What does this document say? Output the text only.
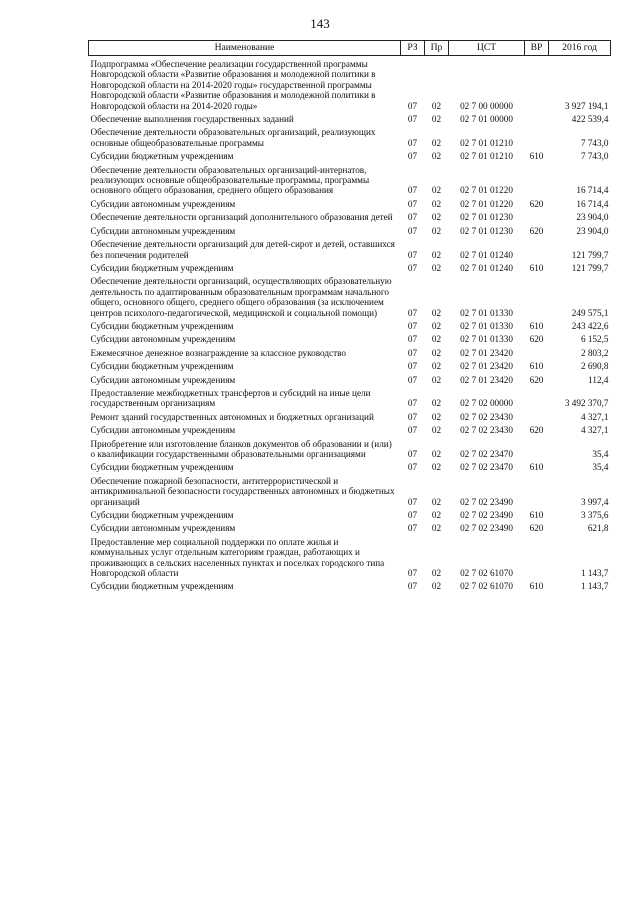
143
Наименование	РЗ	Пр	ЦСТ	ВР	2016 год
Подпрограмма «Обеспечение реализации государственной программы Новгородской области «Развитие образования и молодежной политики в Новгородской области на 2014-2020 годы» государственной программы Новгородской области «Развитие образования и молодежной политики в Новгородской области на 2014-2020 годы»	07	02	02 7 00 00000		3 927 194,1
Обеспечение выполнения государственных заданий	07	02	02 7 01 00000		422 539,4
Обеспечение деятельности образовательных организаций, реализующих основные общеобразовательные программы	07	02	02 7 01 01210		7 743,0
Субсидии бюджетным учреждениям	07	02	02 7 01 01210	610	7 743,0
Обеспечение деятельности образовательных организаций-интернатов, реализующих основные общеобразовательные программы, программы основного общего образования, среднего общего образования	07	02	02 7 01 01220		16 714,4
Субсидии автономным учреждениям	07	02	02 7 01 01220	620	16 714,4
Обеспечение деятельности организаций дополнительного образования детей	07	02	02 7 01 01230		23 904,0
Субсидии автономным учреждениям	07	02	02 7 01 01230	620	23 904,0
Обеспечение деятельности организаций для детей-сирот и детей, оставшихся без попечения родителей	07	02	02 7 01 01240		121 799,7
Субсидии бюджетным учреждениям	07	02	02 7 01 01240	610	121 799,7
Обеспечение деятельности организаций, осуществляющих образовательную деятельность по адаптированным образовательным программам начального общего, основного общего, среднего общего образования (за исключением центров психолого-педагогической, медицинской и социальной помощи)	07	02	02 7 01 01330		249 575,1
Субсидии бюджетным учреждениям	07	02	02 7 01 01330	610	243 422,6
Субсидии автономным учреждениям	07	02	02 7 01 01330	620	6 152,5
Ежемесячное денежное вознаграждение за классное руководство	07	02	02 7 01 23420		2 803,2
Субсидии бюджетным учреждениям	07	02	02 7 01 23420	610	2 690,8
Субсидии автономным учреждениям	07	02	02 7 01 23420	620	112,4
Предоставление межбюджетных трансфертов и субсидий на иные цели государственным организациям	07	02	02 7 02 00000		3 492 370,7
Ремонт зданий государственных автономных и бюджетных организаций	07	02	02 7 02 23430		4 327,1
Субсидии автономным учреждениям	07	02	02 7 02 23430	620	4 327,1
Приобретение или изготовление бланков документов об образовании и (или) о квалификации государственными образовательными организациями	07	02	02 7 02 23470		35,4
Субсидии бюджетным учреждениям	07	02	02 7 02 23470	610	35,4
Обеспечение пожарной безопасности, антитеррористической и антикриминальной безопасности государственных автономных и бюджетных организаций	07	02	02 7 02 23490		3 997,4
Субсидии бюджетным учреждениям	07	02	02 7 02 23490	610	3 375,6
Субсидии автономным учреждениям	07	02	02 7 02 23490	620	621,8
Предоставление мер социальной поддержки по оплате жилья и коммунальных услуг отдельным категориям граждан, работающих и проживающих в сельских населенных пунктах и поселках городского типа Новгородской области	07	02	02 7 02 61070		1 143,7
Субсидии бюджетным учреждениям	07	02	02 7 02 61070	610	1 143,7
